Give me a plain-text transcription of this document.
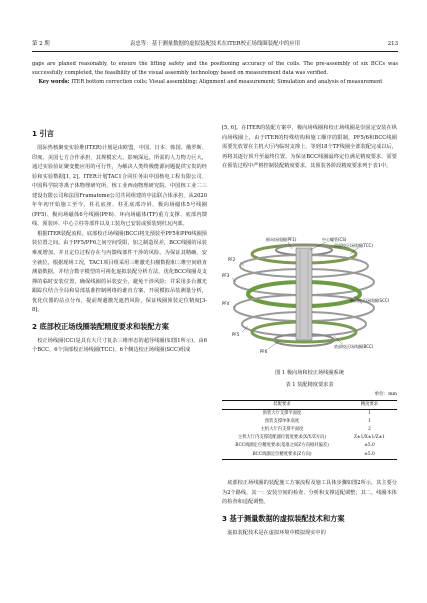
第 2 期	袁忠等：基于测量数据的虚拟装配技术在ITER校正场线圈装配中的应用	213
gaps are planed reasonably, to ensure the lifting safety and the positioning accuracy of the coils. The pre-assembly of six BCCs was successfully completed, the feasibility of the visual assembly technology based on measurement data was verified.
Key words: ITER bottom correction coils; Visual assembling; Alignment and measurement; Simulation and analysis of measurement
1 引言

国际热核聚变实验堆(ITER)计划是由欧盟、中国、日本、韩国、俄罗斯、印度、美国七方合作承担，其规模宏大，影响深远。所需的人力物力巨大，通过实验验证聚变能应用的可行性，为解决人类终极能源问题提供宝贵的经验和实验数据[1, 2]。ITER计划TAC1合同任务由中国核电工程有限公司、中国科学院等离子体物理研究所、核工业西南物理研究院、中国核工业二三建设有限公司和法国Framatome公司共同组建的中法联合体承担。从2020年年初开始施工至今，柱孔底座、柱孔底部冷屏、极向场磁体5号线圈(PF5)、极向场磁体6号线圈(PF6)、环向场磁体(TF)重力支撑、底部内馈线、预装环、中心立柱等部件以及工装均已安装或预装到杜瓦内部。

根据ITER装配流程，底部校正场线圈(BCC)将先预装至PF5和PF6线圈预装位置之间。由于PF5/PF6之间空间受限，加之制造误差，BCC线圈的吊装难度增加，并且定位过程存在与内馈线部件干涉的风险。为保证其精确、安全就位，根据现场工况，TAC1项目组采用三维激光扫描数据和三维空间谁直测量数据，并结合数字模型的可视化虚拟装配分析方法，优化BCC线圈及支撑的临时安装位置，确保线圈的吊装安全，避免干涉风险；并采用多台激光跟踪仪结合全局和局部基准控制网络的谁直方案，开展模拟吊装测量分析，优化仪器的站点分布，提前规避激光遮挡风险，保证线圈预装定位精度[3-8]。

2 底部校正场线圈装配精度要求和装配方案

校正场线圈(CC)是具有大尺寸复杂三维形态的超导线圈(如图1所示)，由6个BCC、6个顶部校正场线圈(TCC)、6个侧边校正场线圈(SCC)组成

[5, 6]。在ITER的装配方案中，极向场线圈和校正场线圈是崇固定安装在纵向场线圈上，由于ITER的特殊结构和施工顺序的限制，PF5/6和BCC线圈需要先放置在主机大厅内临时支撑上，等到18个TF线圈全部装配完成以后，再将其逐行顶升至最终位置。为保证BCC线圈最终定位满足精度要求，需要在预装过程中严格控制装配精度要求，其预装各阶段精度要求列于表1中。

极向场线圈(PF1)	中心螺管(CS)
顶部校正场线圈(TCC)
PF2
PF3
PF4
侧面校正场线圈(SCC)
PF5
底部校正场线圈(BCC)
PF6
图 1 极向场和校正场线圈系统
表 1 装配精度要求表
单位：mm
装配要求	精度要求
预装大厅支撑平面度	1
预装支撑单体高度	1
主机大厅内支撑平面度	2
主机大厅内支撑适配器位置度要求(X/Y/Z方向)	Z±1/X±1/Z±1
BCC线圈定位精度要求(基准之间Z方向相对偏差)	±5.0
BCC线圈定位精度要求(Z方向)	±5.0

底部校正场线圈的装配施工方案流程及施工具体步骤如图2所示，其主要分为2个路线，其一：安装空间的检查、分析和支撑适配调整；其二，线圈本体的检查和适配调整。

3 基于测量数据的虚拟装配技术和方案

虚拟装配技术是在虚拟环境中模拟现实中的
